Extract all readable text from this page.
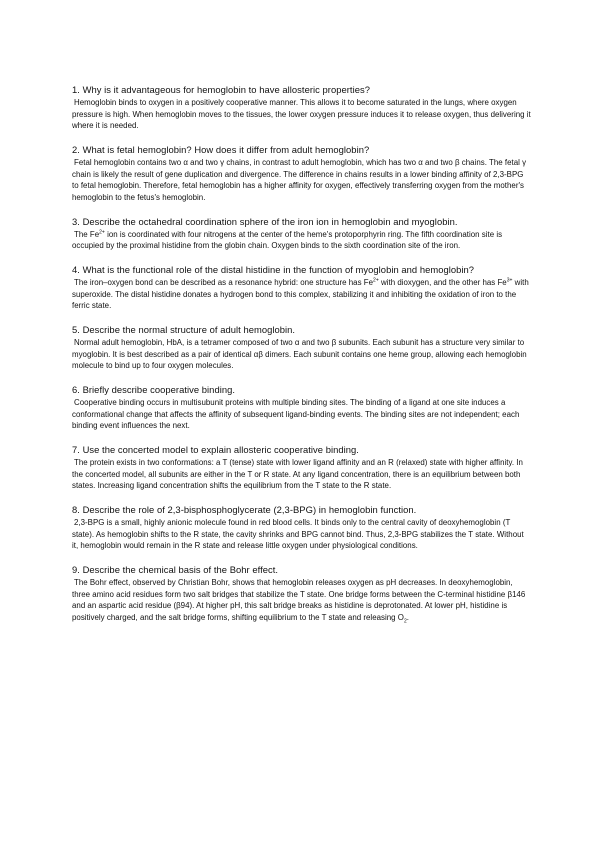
1. Why is it advantageous for hemoglobin to have allosteric properties?

Hemoglobin binds to oxygen in a positively cooperative manner. This allows it to become saturated in the lungs, where oxygen pressure is high. When hemoglobin moves to the tissues, the lower oxygen pressure induces it to release oxygen, thus delivering it where it is needed.

2. What is fetal hemoglobin? How does it differ from adult hemoglobin?

Fetal hemoglobin contains two α and two γ chains, in contrast to adult hemoglobin, which has two α and two β chains. The fetal γ chain is likely the result of gene duplication and divergence. The difference in chains results in a lower binding affinity of 2,3-BPG to fetal hemoglobin. Therefore, fetal hemoglobin has a higher affinity for oxygen, effectively transferring oxygen from the mother's hemoglobin to the fetus's hemoglobin.

3. Describe the octahedral coordination sphere of the iron ion in hemoglobin and myoglobin.

The $Fe^{2+}$ ion is coordinated with four nitrogens at the center of the heme's protoporphyrin ring. The fifth coordination site is occupied by the proximal histidine from the globin chain. Oxygen binds to the sixth coordination site of the iron.

4. What is the functional role of the distal histidine in the function of myoglobin and hemoglobin?

The iron–oxygen bond can be described as a resonance hybrid: one structure has $Fe^{2+}$ with dioxygen, and the other has $Fe^{3+}$ with superoxide. The distal histidine donates a hydrogen bond to this complex, stabilizing it and inhibiting the oxidation of iron to the ferric state.

5. Describe the normal structure of adult hemoglobin.

Normal adult hemoglobin, HbA, is a tetramer composed of two α and two β subunits. Each subunit has a structure very similar to myoglobin. It is best described as a pair of identical αβ dimers. Each subunit contains one heme group, allowing each hemoglobin molecule to bind up to four oxygen molecules.

6. Briefly describe cooperative binding.

Cooperative binding occurs in multisubunit proteins with multiple binding sites. The binding of a ligand at one site induces a conformational change that affects the affinity of subsequent ligand-binding events. The binding sites are not independent; each binding event influences the next.

7. Use the concerted model to explain allosteric cooperative binding.

The protein exists in two conformations: a T (tense) state with lower ligand affinity and an R (relaxed) state with higher affinity. In the concerted model, all subunits are either in the T or R state. At any ligand concentration, there is an equilibrium between both states. Increasing ligand concentration shifts the equilibrium from the T state to the R state.

8. Describe the role of 2,3-bisphosphoglycerate (2,3-BPG) in hemoglobin function.

2,3-BPG is a small, highly anionic molecule found in red blood cells. It binds only to the central cavity of deoxyhemoglobin (T state). As hemoglobin shifts to the R state, the cavity shrinks and BPG cannot bind. Thus, 2,3-BPG stabilizes the T state. Without it, hemoglobin would remain in the R state and release little oxygen under physiological conditions.

9. Describe the chemical basis of the Bohr effect.

The Bohr effect, observed by Christian Bohr, shows that hemoglobin releases oxygen as pH decreases. In deoxyhemoglobin, three amino acid residues form two salt bridges that stabilize the T state. One bridge forms between the C-terminal histidine β146 and an aspartic acid residue (β94). At higher pH, this salt bridge breaks as histidine is deprotonated. At lower pH, histidine is positively charged, and the salt bridge forms, shifting equilibrium to the T state and releasing $O_2$.
